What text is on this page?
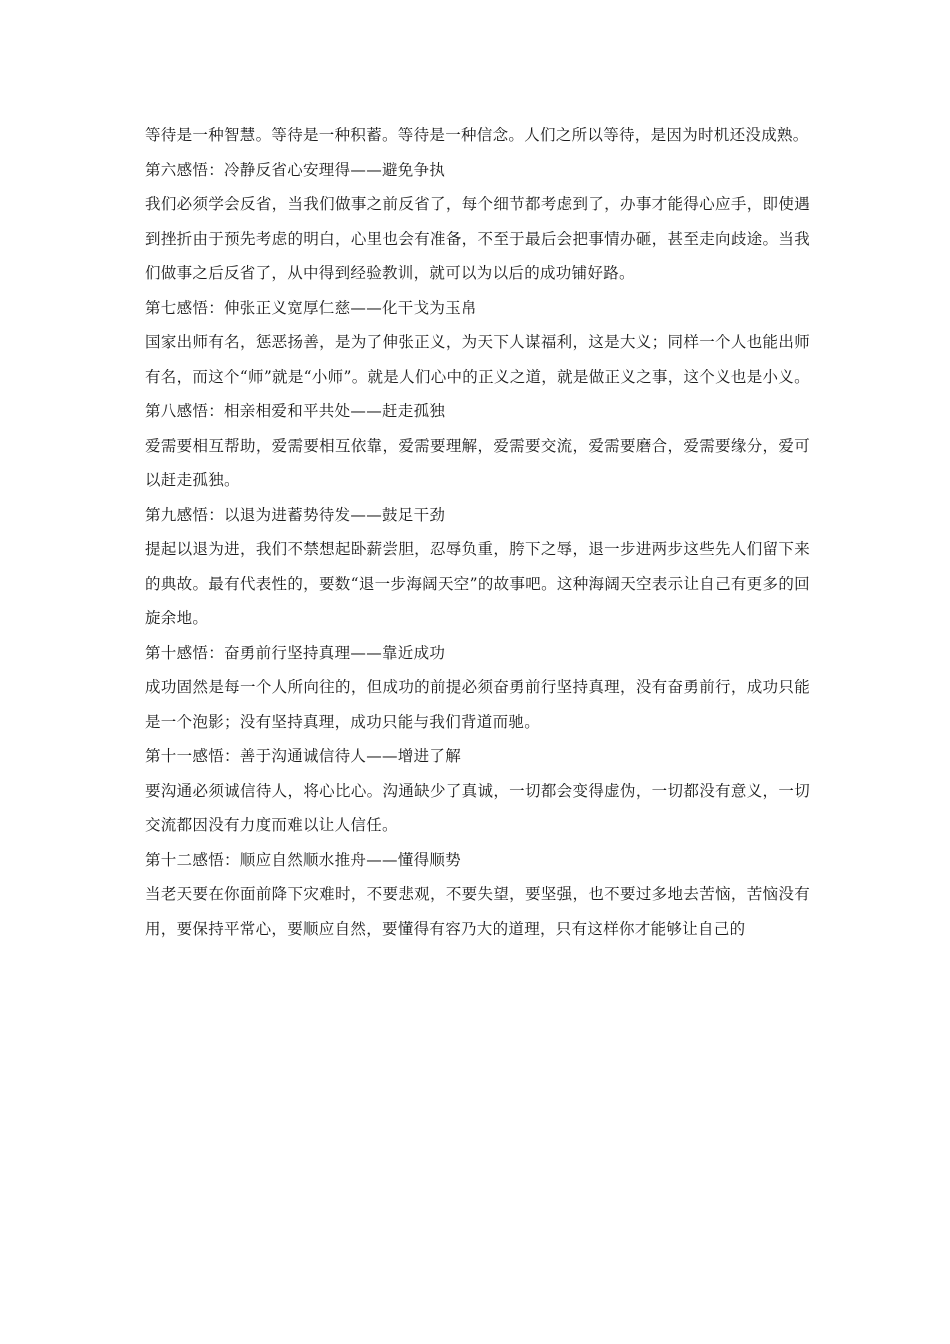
等待是一种智慧。等待是一种积蓄。等待是一种信念。人们之所以等待，是因为时机还没成熟。

第六感悟：冷静反省心安理得——避免争执

我们必须学会反省，当我们做事之前反省了，每个细节都考虑到了，办事才能得心应手，即使遇到挫折由于预先考虑的明白，心里也会有准备，不至于最后会把事情办砸，甚至走向歧途。当我们做事之后反省了，从中得到经验教训，就可以为以后的成功铺好路。

第七感悟：伸张正义宽厚仁慈——化干戈为玉帛

国家出师有名，惩恶扬善，是为了伸张正义，为天下人谋福利，这是大义；同样一个人也能出师有名，而这个“师”就是“小师”。就是人们心中的正义之道，就是做正义之事，这个义也是小义。

第八感悟：相亲相爱和平共处——赶走孤独

爱需要相互帮助，爱需要相互依靠，爱需要理解，爱需要交流，爱需要磨合，爱需要缘分，爱可以赶走孤独。

第九感悟：以退为进蓄势待发——鼓足干劲

提起以退为进，我们不禁想起卧薪尝胆，忍辱负重，胯下之辱，退一步进两步这些先人们留下来的典故。最有代表性的，要数“退一步海阔天空”的故事吧。这种海阔天空表示让自己有更多的回旋余地。

第十感悟：奋勇前行坚持真理——靠近成功

成功固然是每一个人所向往的，但成功的前提必须奋勇前行坚持真理，没有奋勇前行，成功只能是一个泡影；没有坚持真理，成功只能与我们背道而驰。

第十一感悟：善于沟通诚信待人——增进了解

要沟通必须诚信待人，将心比心。沟通缺少了真诚，一切都会变得虚伪，一切都没有意义，一切交流都因没有力度而难以让人信任。

第十二感悟：顺应自然顺水推舟——懂得顺势

当老天要在你面前降下灾难时，不要悲观，不要失望，要坚强，也不要过多地去苦恼，苦恼没有用，要保持平常心，要顺应自然，要懂得有容乃大的道理，只有这样你才能够让自己的
